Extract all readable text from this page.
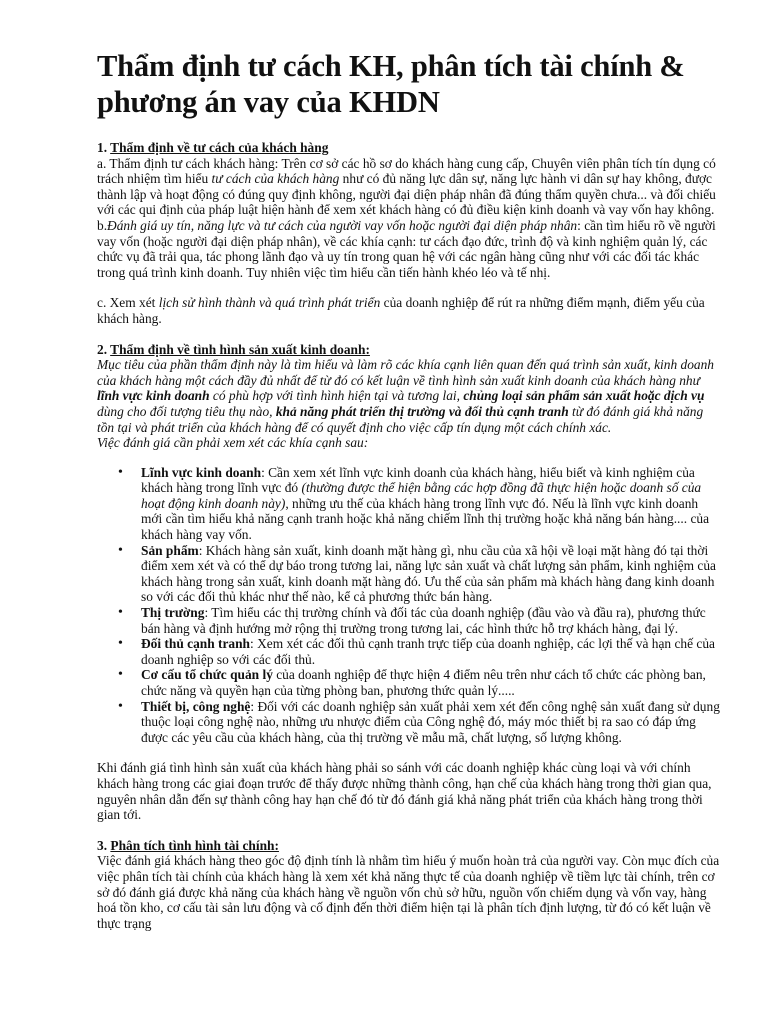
Thẩm định tư cách KH, phân tích tài chính & phương án vay của KHDN
1. Thẩm định về tư cách của khách hàng

a. Thẩm định tư cách khách hàng: Trên cơ sở các hồ sơ do khách hàng cung cấp, Chuyên viên phân tích tín dụng có trách nhiệm tìm hiểu tư cách của khách hàng như có đủ năng lực dân sự, năng lực hành vi dân sự hay không, được thành lập và hoạt động có đúng quy định không, người đại diện pháp nhân đã đúng thẩm quyền chưa... và đối chiếu với các qui định của pháp luật hiện hành để xem xét khách hàng có đủ điều kiện kinh doanh và vay vốn hay không.

b.Đánh giá uy tín, năng lực và tư cách của người vay vốn hoặc người đại diện pháp nhân: cần tìm hiểu rõ về người vay vốn (hoặc người đại diện pháp nhân), về các khía cạnh: tư cách đạo đức, trình độ và kinh nghiệm quản lý, các chức vụ đã trải qua, tác phong lãnh đạo và uy tín trong quan hệ với các ngân hàng cũng như với các đối tác khác trong quá trình kinh doanh. Tuy nhiên việc tìm hiểu cần tiến hành khéo léo và tế nhị.

c. Xem xét lịch sử hình thành và quá trình phát triển của doanh nghiệp để rút ra những điểm mạnh, điểm yếu của khách hàng.

2. Thẩm định về tình hình sản xuất kinh doanh:

Mục tiêu của phần thẩm định này là tìm hiểu và làm rõ các khía cạnh liên quan đến quá trình sản xuất, kinh doanh của khách hàng một cách đầy đủ nhất để từ đó có kết luận về tình hình sản xuất kinh doanh của khách hàng như lĩnh vực kinh doanh có phù hợp với tình hình hiện tại và tương lai, chủng loại sản phẩm sản xuất hoặc dịch vụ dùng cho đối tượng tiêu thụ nào, khả năng phát triển thị trường và đối thủ cạnh tranh từ đó đánh giá khả năng tồn tại và phát triển của khách hàng để có quyết định cho việc cấp tín dụng một cách chính xác.

Việc đánh giá cần phải xem xét các khía cạnh sau:

• Lĩnh vực kinh doanh: Cần xem xét lĩnh vực kinh doanh của khách hàng, hiểu biết và kinh nghiệm của khách hàng trong lĩnh vực đó (thường được thể hiện bằng các hợp đồng đã thực hiện hoặc doanh số của hoạt động kinh doanh này), những ưu thế của khách hàng trong lĩnh vực đó. Nếu là lĩnh vực kinh doanh mới cần tìm hiểu khả năng cạnh tranh hoặc khả năng chiếm lĩnh thị trường hoặc khả năng bán hàng.... của khách hàng vay vốn.
• Sản phẩm: Khách hàng sản xuất, kinh doanh mặt hàng gì, nhu cầu của xã hội về loại mặt hàng đó tại thời điểm xem xét và có thể dự báo trong tương lai, năng lực sản xuất và chất lượng sản phẩm, kinh nghiệm của khách hàng trong sản xuất, kinh doanh mặt hàng đó. Ưu thế của sản phẩm mà khách hàng đang kinh doanh so với các đối thủ khác như thế nào, kể cả phương thức bán hàng.
• Thị trường: Tìm hiểu các thị trường chính và đối tác của doanh nghiệp (đầu vào và đầu ra), phương thức bán hàng và định hướng mở rộng thị trường trong tương lai, các hình thức hỗ trợ khách hàng, đại lý.
• Đối thủ cạnh tranh: Xem xét các đối thủ cạnh tranh trực tiếp của doanh nghiệp, các lợi thế và hạn chế của doanh nghiệp so với các đối thủ.
• Cơ cấu tổ chức quản lý của doanh nghiệp để thực hiện 4 điểm nêu trên như cách tổ chức các phòng ban, chức năng và quyền hạn của từng phòng ban, phương thức quản lý.....
• Thiết bị, công nghệ: Đối với các doanh nghiệp sản xuất phải xem xét đến công nghệ sản xuất đang sử dụng thuộc loại công nghệ nào, những ưu nhược điểm của Công nghệ đó, máy móc thiết bị ra sao có đáp ứng được các yêu cầu của khách hàng, của thị trường về mẫu mã, chất lượng, số lượng không.

Khi đánh giá tình hình sản xuất của khách hàng phải so sánh với các doanh nghiệp khác cùng loại và với chính khách hàng trong các giai đoạn trước để thấy được những thành công, hạn chế của khách hàng trong thời gian qua, nguyên nhân dẫn đến sự thành công hay hạn chế đó từ đó đánh giá khả năng phát triển của khách hàng trong thời gian tới.

3. Phân tích tình hình tài chính:

Việc đánh giá khách hàng theo góc độ định tính là nhằm tìm hiểu ý muốn hoàn trả của người vay. Còn mục đích của việc phân tích tài chính của khách hàng là xem xét khả năng thực tế của doanh nghiệp về tiềm lực tài chính, trên cơ sở đó đánh giá được khả năng của khách hàng về nguồn vốn chủ sở hữu, nguồn vốn chiếm dụng và vốn vay, hàng hoá tồn kho, cơ cấu tài sản lưu động và cố định đến thời điểm hiện tại là phân tích định lượng, từ đó có kết luận về thực trạng
